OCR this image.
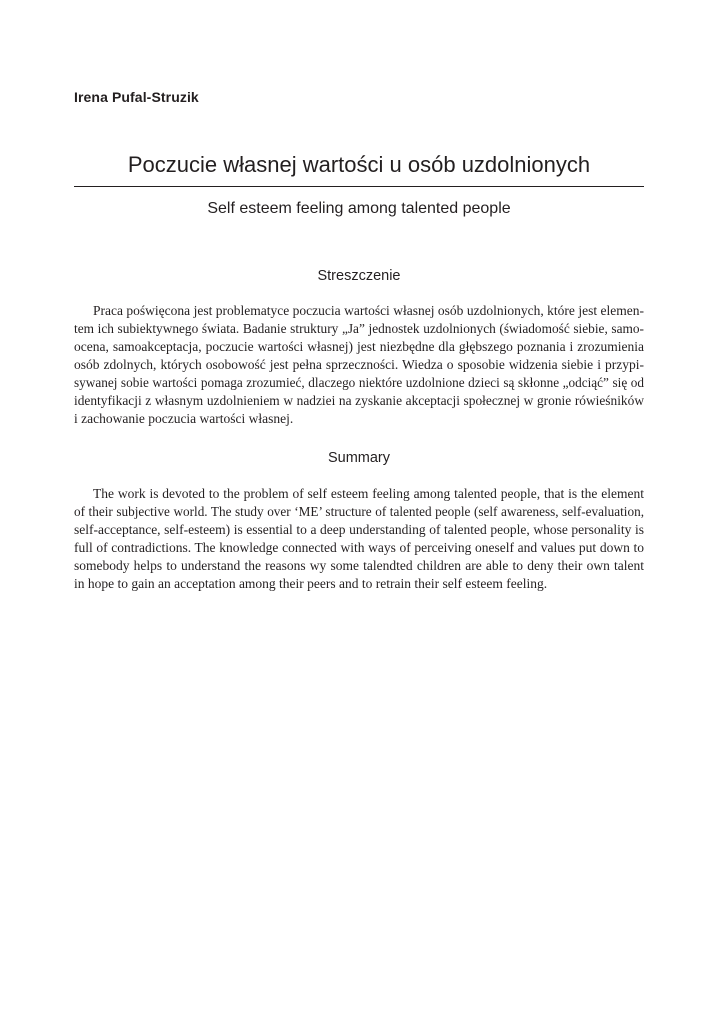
Irena Pufal-Struzik
Poczucie własnej wartości u osób uzdolnionych
Self esteem feeling among talented people
Streszczenie
Praca poświęcona jest problematyce poczucia wartości własnej osób uzdolnionych, które jest elemen-
tem ich subiektywnego świata. Badanie struktury „Ja” jednostek uzdolnionych (świadomość siebie, samo-
ocena, samoakceptacja, poczucie wartości własnej) jest niezbędne dla głębszego poznania i zrozumienia
osób zdolnych, których osobowość jest pełna sprzeczności. Wiedza o sposobie widzenia siebie i przypi-
sywanej sobie wartości pomaga zrozumieć, dlaczego niektóre uzdolnione dzieci są skłonne „odciąć” się od
identyfikacji z własnym uzdolnieniem w nadziei na zyskanie akceptacji społecznej w gronie rówieśników
i zachowanie poczucia wartości własnej.
Summary
The work is devoted to the problem of self esteem feeling among talented people, that is the element
of their subjective world. The study over ‘ME’ structure of talented people (self awareness, self-evaluation,
self-acceptance, self-esteem) is essential to a deep understanding of talented people, whose personality is
full of contradictions. The knowledge connected with ways of perceiving oneself and values put down to
somebody helps to understand the reasons wy some talendted children are able to deny their own talent
in hope to gain an acceptation among their peers and to retrain their self esteem feeling.
